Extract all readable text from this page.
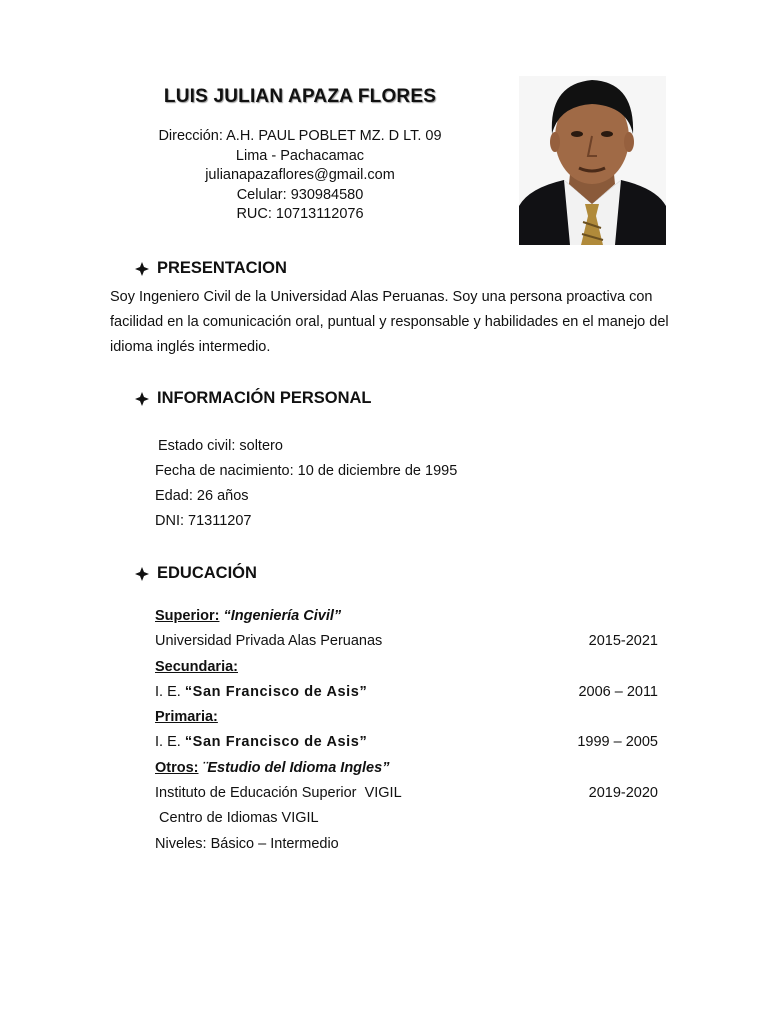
LUIS JULIAN APAZA FLORES
Dirección: A.H. PAUL POBLET MZ. D LT. 09
Lima - Pachacamac
julianapazaflores@gmail.com
Celular: 930984580
RUC: 10713112076
PRESENTACION
Soy Ingeniero Civil de la Universidad Alas Peruanas. Soy una persona proactiva con facilidad en la comunicación oral, puntual y responsable y habilidades en el manejo del idioma inglés intermedio.
INFORMACIÓN PERSONAL
Estado civil: soltero
Fecha de nacimiento: 10 de diciembre de 1995
Edad: 26 años
DNI: 71311207
EDUCACIÓN
Superior: “Ingeniería Civil”
Universidad Privada Alas Peruanas	2015-2021
Secundaria:
I. E. “San Francisco de Asis”	2006 – 2011
Primaria:
I. E. “San Francisco de Asis”	1999 – 2005
Otros: ¨Estudio del Idioma Ingles”
Instituto de Educación Superior  VIGIL	2019-2020
Centro de Idiomas VIGIL
Niveles: Básico – Intermedio
